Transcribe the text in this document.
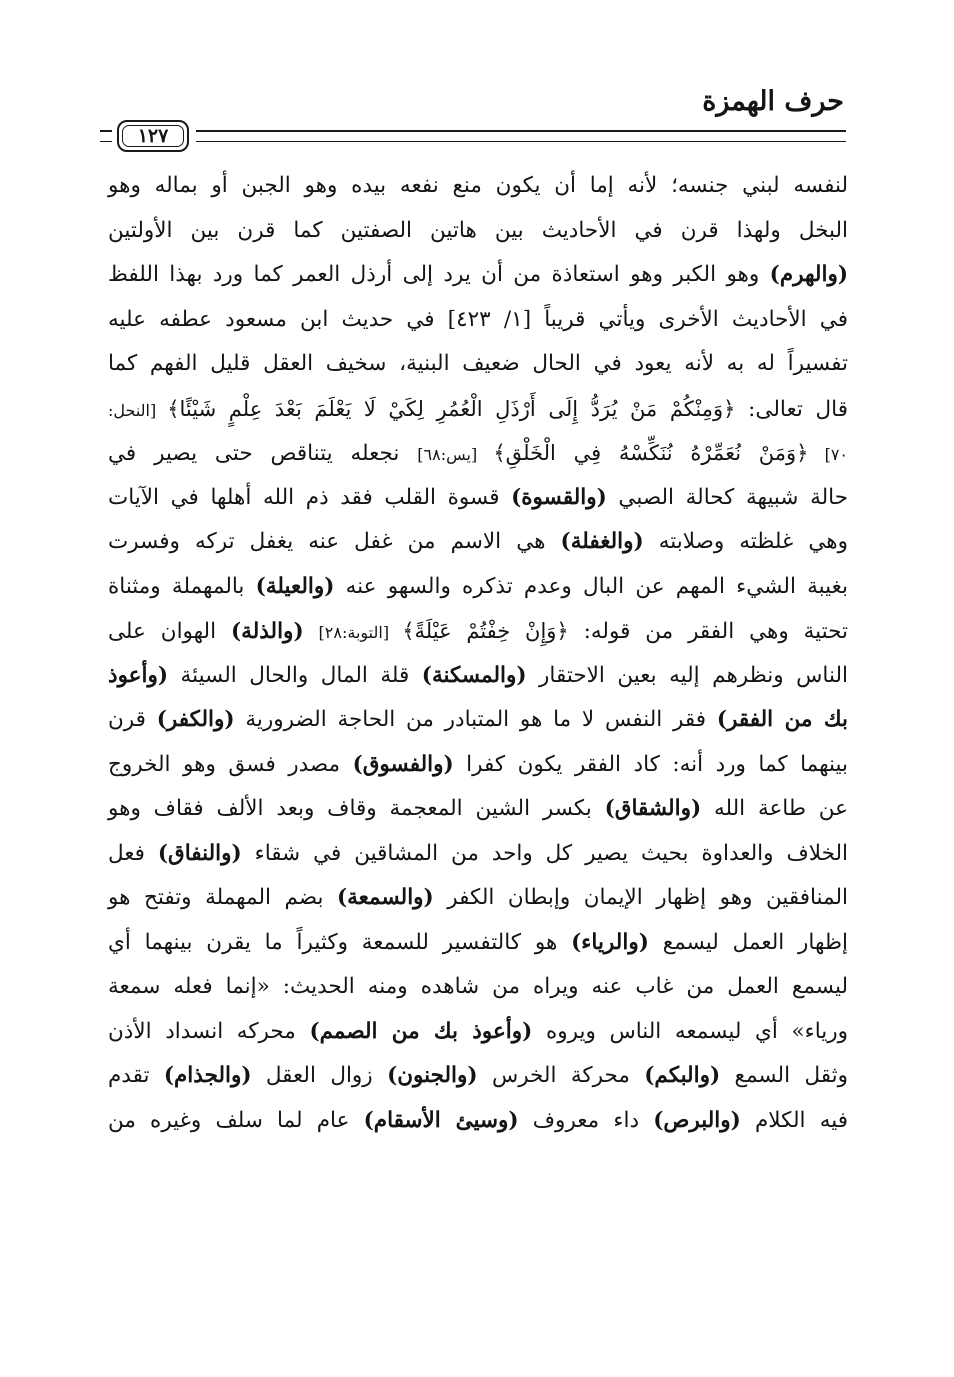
حرف الهمزة
١٢٧
لنفسه لبني جنسه؛ لأنه إما أن يكون منع نفعه بيده وهو الجبن أو بماله وهو
البخل ولهذا قرن في الأحاديث بين هاتين الصفتين كما قرن بين الأولتين
(والهرم) وهو الكبر وهو استعاذة من أن يرد إلى أرذل العمر كما ورد بهذا اللفظ
في الأحاديث الأخرى ويأتي قريباً [١/ ٤٢٣] في حديث ابن مسعود عطفه عليه
تفسيراً له به لأنه يعود في الحال ضعيف البنية، سخيف العقل قليل الفهم كما
قال تعالى: ﴿وَمِنْكُمْ مَنْ يُرَدُّ إِلَى أَرْذَلِ الْعُمُرِ لِكَيْ لَا يَعْلَمَ بَعْدَ عِلْمٍ شَيْئًا﴾ [النحل:
٧٠] ﴿وَمَنْ نُعَمِّرْهُ نُنَكِّسْهُ فِي الْخَلْقِ﴾ [يس:٦٨] نجعله يتناقص حتى يصير في
حالة شبيهة كحالة الصبي (والقسوة) قسوة القلب فقد ذم الله أهلها في الآيات
وهي غلظته وصلابته (والغفلة) هي الاسم من غفل عنه يغفل تركه وفسرت
بغيبة الشيء المهم عن البال وعدم تذكره والسهو عنه (والعيلة) بالمهملة ومثناة
تحتية وهي الفقر من قوله: ﴿وَإِنْ خِفْتُمْ عَيْلَةً﴾ [التوبة:٢٨] (والذلة) الهوان على
الناس ونظرهم إليه بعين الاحتقار (والمسكنة) قلة المال والحال السيئة (وأعوذ
بك من الفقر) فقر النفس لا ما هو المتبادر من الحاجة الضرورية (والكفر) قرن
بينهما كما ورد أنه: كاد الفقر يكون كفرا (والفسوق) مصدر فسق وهو الخروج
عن طاعة الله (والشقاق) بكسر الشين المعجمة وقاف وبعد الألف فقاف وهو
الخلاف والعداوة بحيث يصير كل واحد من المشاقين في شقاء (والنفاق) فعل
المنافقين وهو إظهار الإيمان وإبطان الكفر (والسمعة) بضم المهملة وتفتح هو
إظهار العمل ليسمع (والرياء) هو كالتفسير للسمعة وكثيراً ما يقرن بينهما أي
ليسمع العمل من غاب عنه ويراه من شاهده ومنه الحديث: «إنما فعله سمعة
ورياء» أي ليسمعه الناس ويروه (وأعوذ بك من الصمم) محركه انسداد الأذن
وثقل السمع (والبكم) محركة الخرس (والجنون) زوال العقل (والجذام) تقدم
فيه الكلام (والبرص) داء معروف (وسيئ الأسقام) عام لما سلف وغيره من
